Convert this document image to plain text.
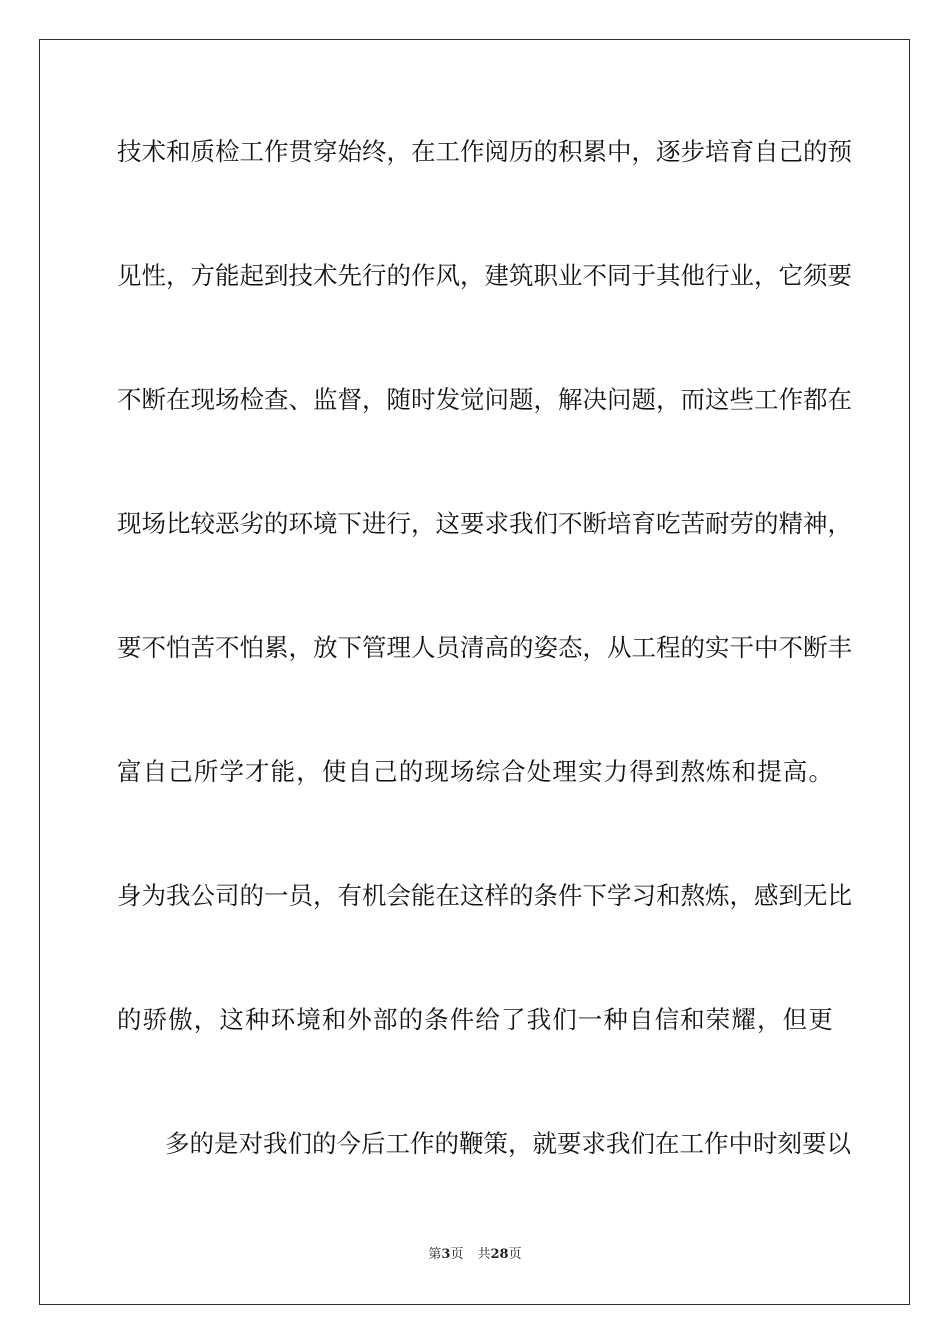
技术和质检工作贯穿始终，在工作阅历的积累中，逐步培育自己的预
见性，方能起到技术先行的作风，建筑职业不同于其他行业，它须要
不断在现场检查、监督，随时发觉问题，解决问题，而这些工作都在
现场比较恶劣的环境下进行，这要求我们不断培育吃苦耐劳的精神，
要不怕苦不怕累，放下管理人员清高的姿态，从工程的实干中不断丰
富自己所学才能，使自己的现场综合处理实力得到熬炼和提高。
身为我公司的一员，有机会能在这样的条件下学习和熬炼，感到无比
的骄傲，这种环境和外部的条件给了我们一种自信和荣耀，但更
多的是对我们的今后工作的鞭策，就要求我们在工作中时刻要以
第3页 共28页
